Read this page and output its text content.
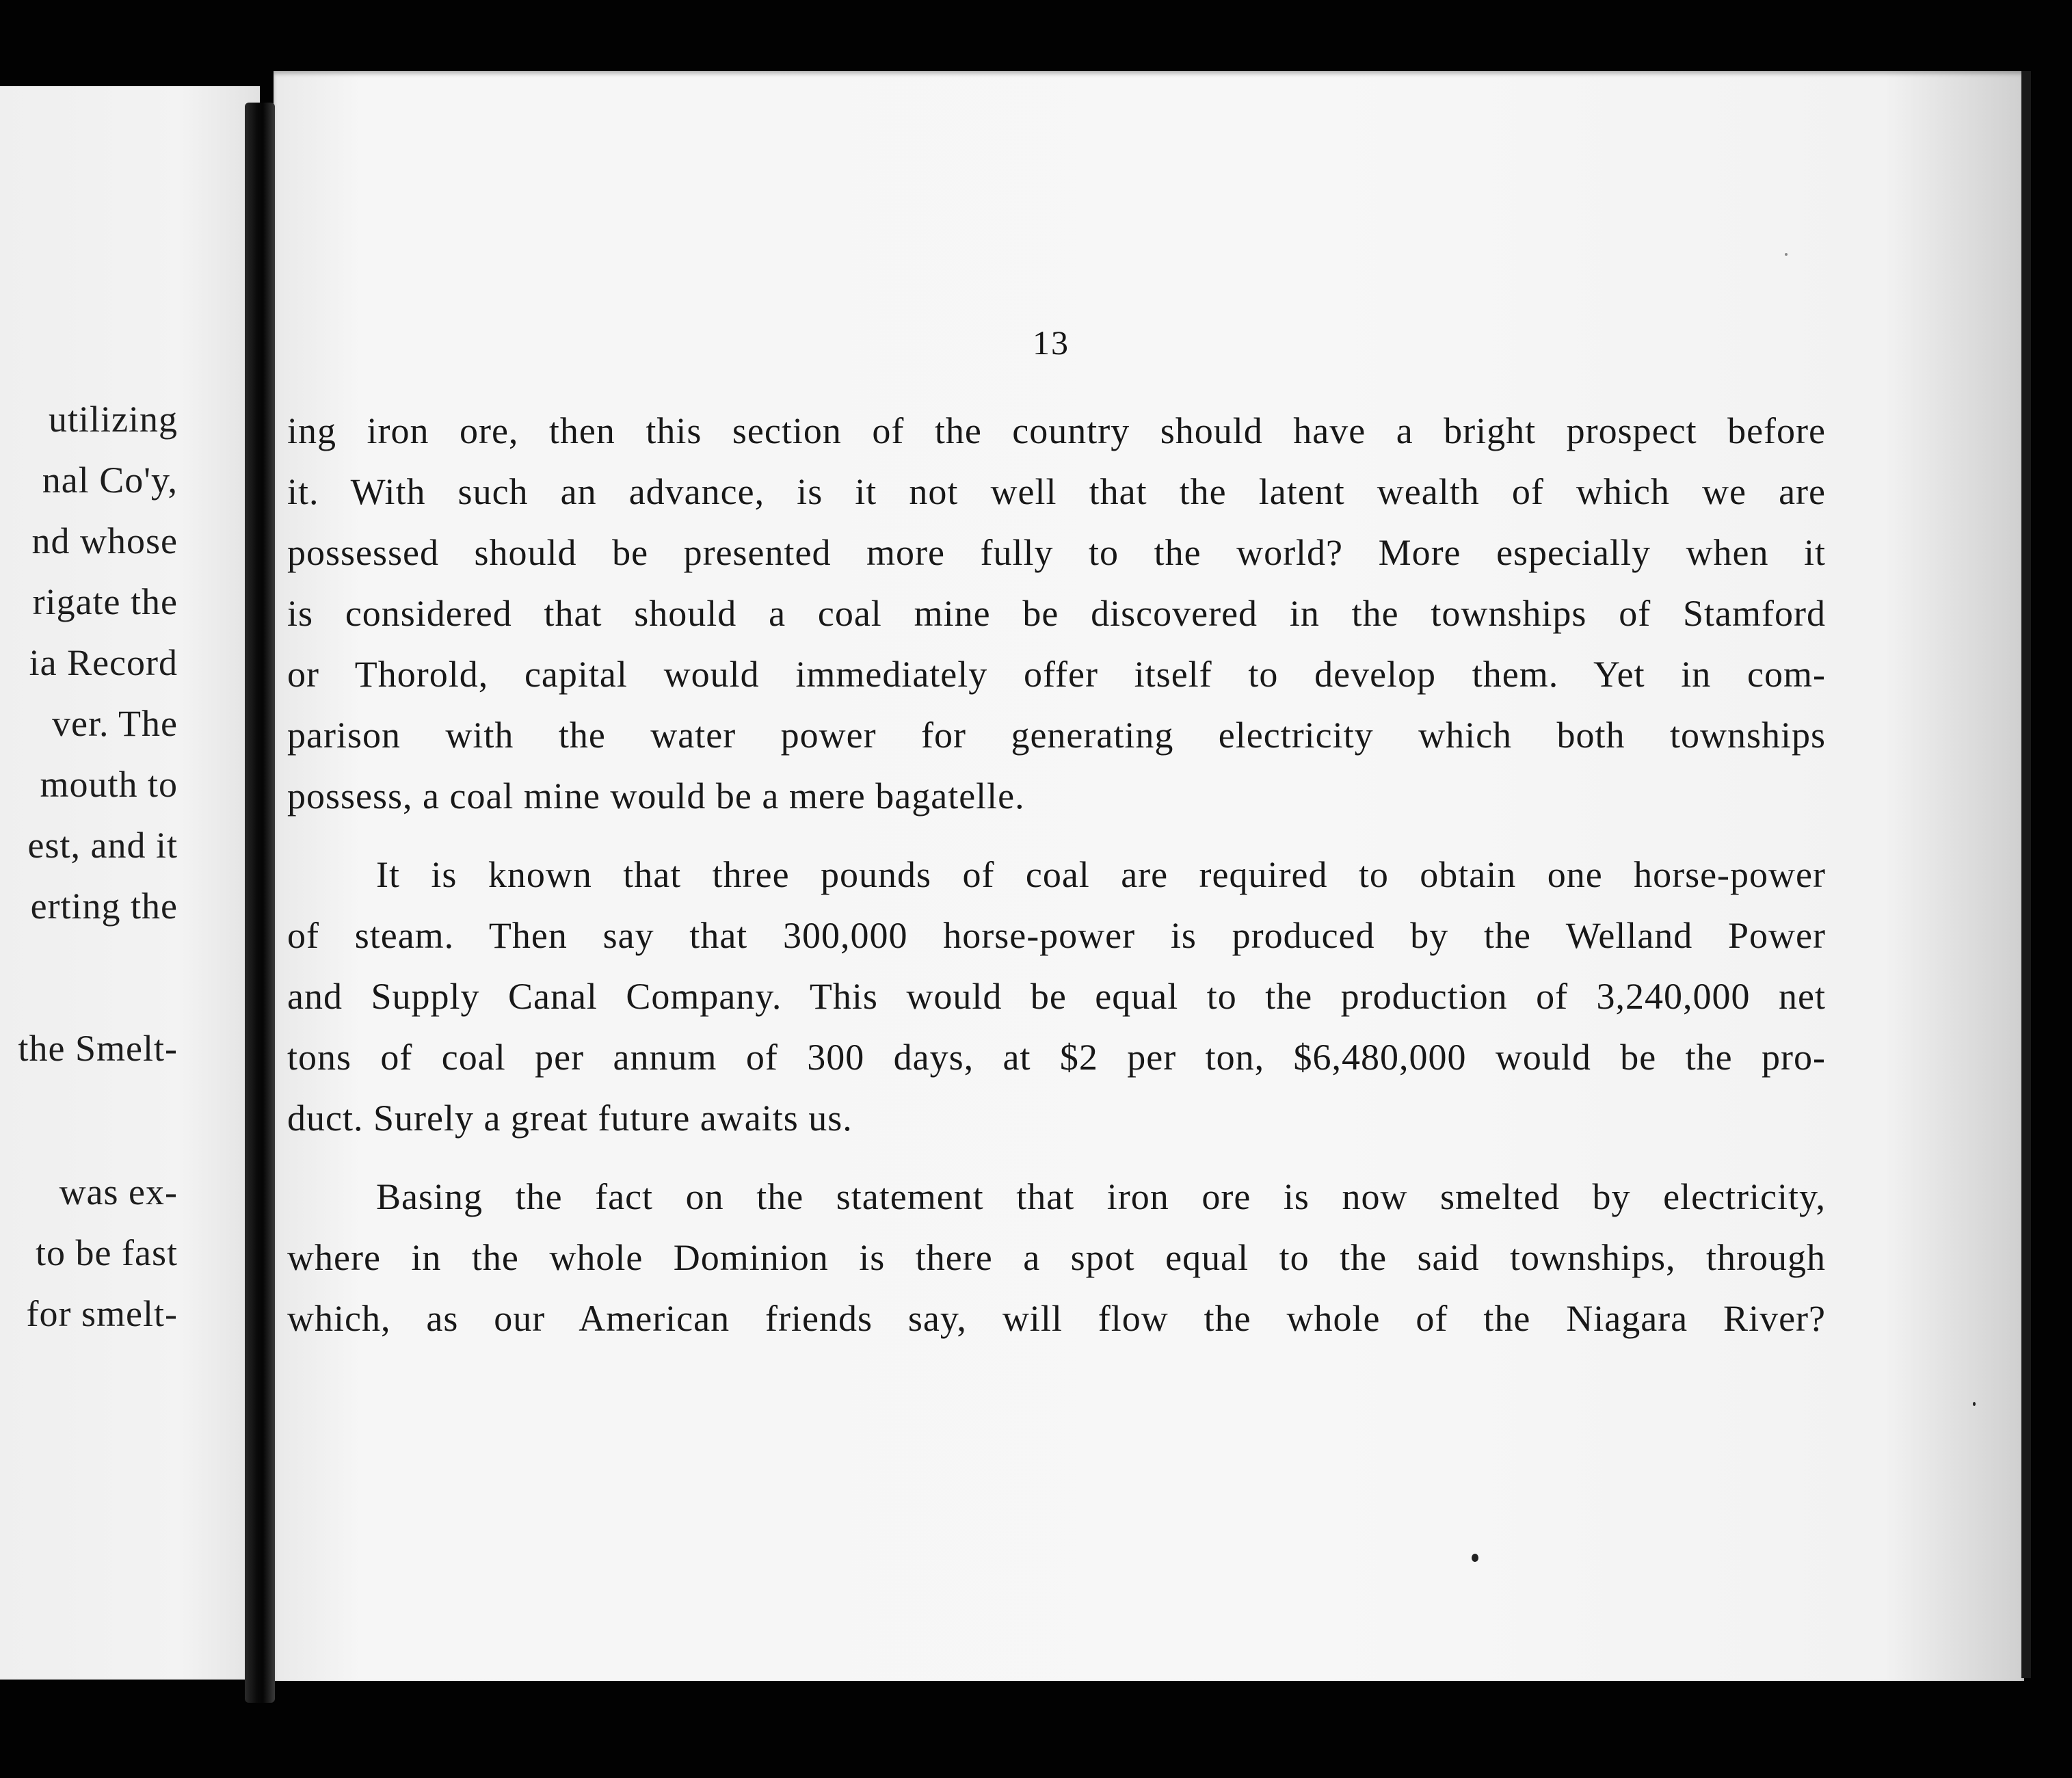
utilizing
nal Co'y,
nd whose
rigate the
ia Record
ver. The
mouth to
est, and it
erting the
the Smelt-
was ex-
to be fast
for smelt-
13
ing iron ore, then this section of the country should have a bright prospect before
it. With such an advance, is it not well that the latent wealth of which we are
possessed should be presented more fully to the world? More especially when it
is considered that should a coal mine be discovered in the townships of Stamford
or Thorold, capital would immediately offer itself to develop them. Yet in com-
parison with the water power for generating electricity which both townships
possess, a coal mine would be a mere bagatelle.
It is known that three pounds of coal are required to obtain one horse-power
of steam. Then say that 300,000 horse-power is produced by the Welland Power
and Supply Canal Company. This would be equal to the production of 3,240,000 net
tons of coal per annum of 300 days, at $2 per ton, $6,480,000 would be the pro-
duct. Surely a great future awaits us.
Basing the fact on the statement that iron ore is now smelted by electricity,
where in the whole Dominion is there a spot equal to the said townships, through
which, as our American friends say, will flow the whole of the Niagara River?
